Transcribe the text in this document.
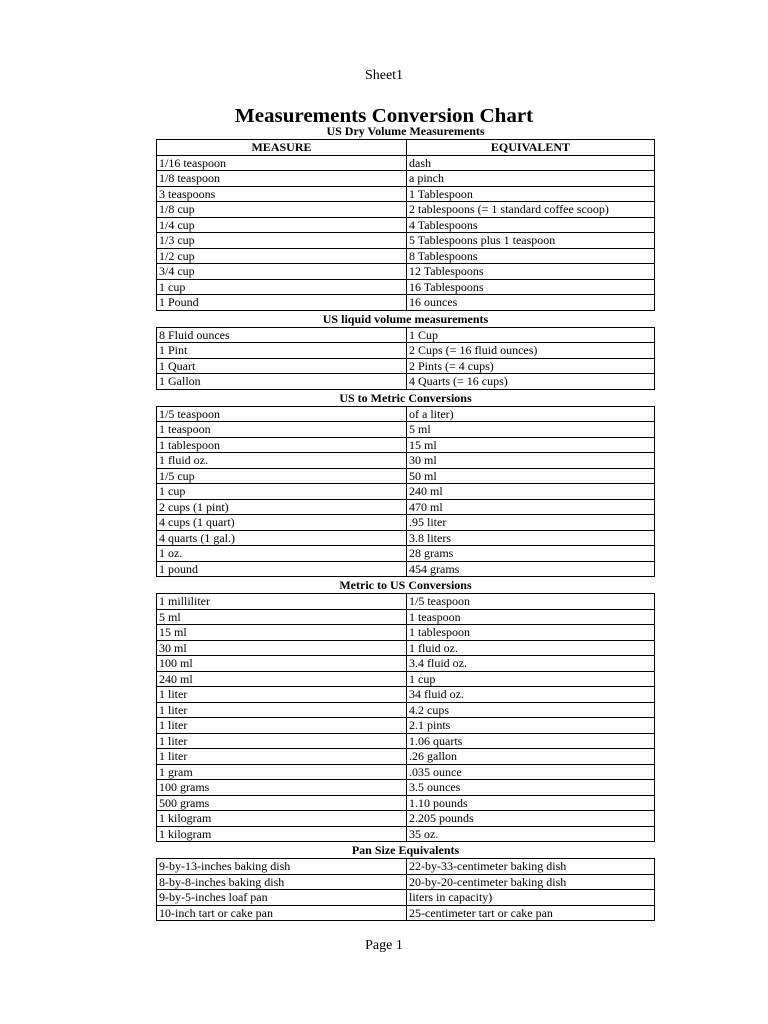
Sheet1
Measurements Conversion Chart
US Dry Volume Measurements
MEASURE	EQUIVALENT
1/16 teaspoon	dash
1/8 teaspoon	a pinch
3 teaspoons	1 Tablespoon
1/8 cup	2 tablespoons (= 1 standard coffee scoop)
1/4 cup	4 Tablespoons
1/3 cup	5 Tablespoons plus 1 teaspoon
1/2 cup	8 Tablespoons
3/4 cup	12 Tablespoons
1 cup	16 Tablespoons
1 Pound	16 ounces
US liquid volume measurements
8 Fluid ounces	1 Cup
1 Pint	2 Cups (= 16 fluid ounces)
1 Quart	2 Pints (= 4 cups)
1 Gallon	4 Quarts (= 16 cups)
US to Metric Conversions
1/5 teaspoon	of a liter)
1 teaspoon	5 ml
1 tablespoon	15 ml
1 fluid oz.	30 ml
1/5 cup	50 ml
1 cup	240 ml
2 cups (1 pint)	470 ml
4 cups (1 quart)	.95 liter
4 quarts (1 gal.)	3.8 liters
1 oz.	28 grams
1 pound	454 grams
Metric to US Conversions
1 milliliter	1/5 teaspoon
5 ml	1 teaspoon
15 ml	1 tablespoon
30 ml	1 fluid oz.
100 ml	3.4 fluid oz.
240 ml	1 cup
1 liter	34 fluid oz.
1 liter	4.2 cups
1 liter	2.1 pints
1 liter	1.06 quarts
1 liter	.26 gallon
1 gram	.035 ounce
100 grams	3.5 ounces
500 grams	1.10 pounds
1 kilogram	2.205 pounds
1 kilogram	35 oz.
Pan Size Equivalents
9-by-13-inches baking dish	22-by-33-centimeter baking dish
8-by-8-inches baking dish	20-by-20-centimeter baking dish
9-by-5-inches loaf pan	liters in capacity)
10-inch tart or cake pan	25-centimeter tart or cake pan
Page 1
